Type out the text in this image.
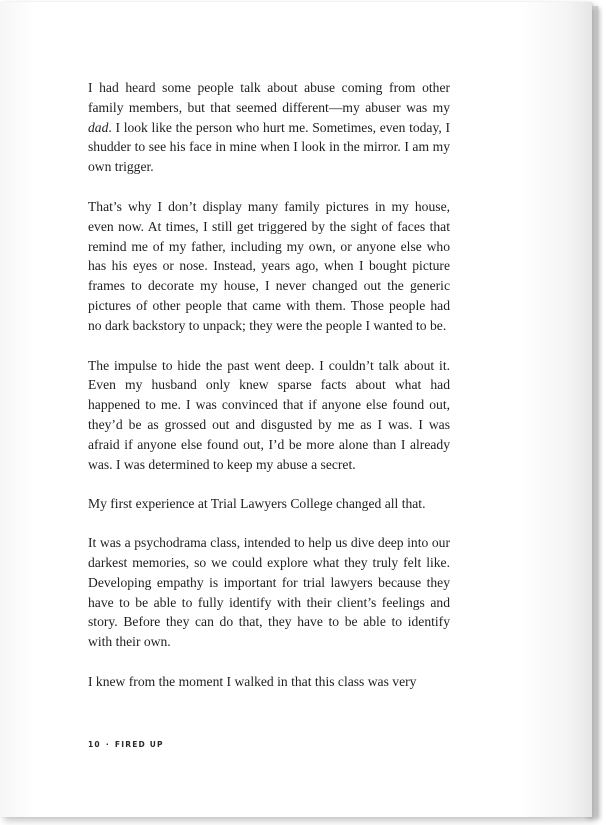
I had heard some people talk about abuse coming from other family members, but that seemed different—my abuser was my dad. I look like the person who hurt me. Sometimes, even today, I shudder to see his face in mine when I look in the mirror. I am my own trigger.

That’s why I don’t display many family pictures in my house, even now. At times, I still get triggered by the sight of faces that remind me of my father, including my own, or anyone else who has his eyes or nose. Instead, years ago, when I bought picture frames to decorate my house, I never changed out the generic pictures of other people that came with them. Those people had no dark backstory to unpack; they were the people I wanted to be.

The impulse to hide the past went deep. I couldn’t talk about it. Even my husband only knew sparse facts about what had happened to me. I was convinced that if anyone else found out, they’d be as grossed out and disgusted by me as I was. I was afraid if anyone else found out, I’d be more alone than I already was. I was determined to keep my abuse a secret.

My first experience at Trial Lawyers College changed all that.

It was a psychodrama class, intended to help us dive deep into our darkest memories, so we could explore what they truly felt like. Developing empathy is important for trial lawyers because they have to be able to fully identify with their client’s feelings and story. Before they can do that, they have to be able to identify with their own.

I knew from the moment I walked in that this class was very

10 · FIRED UP
